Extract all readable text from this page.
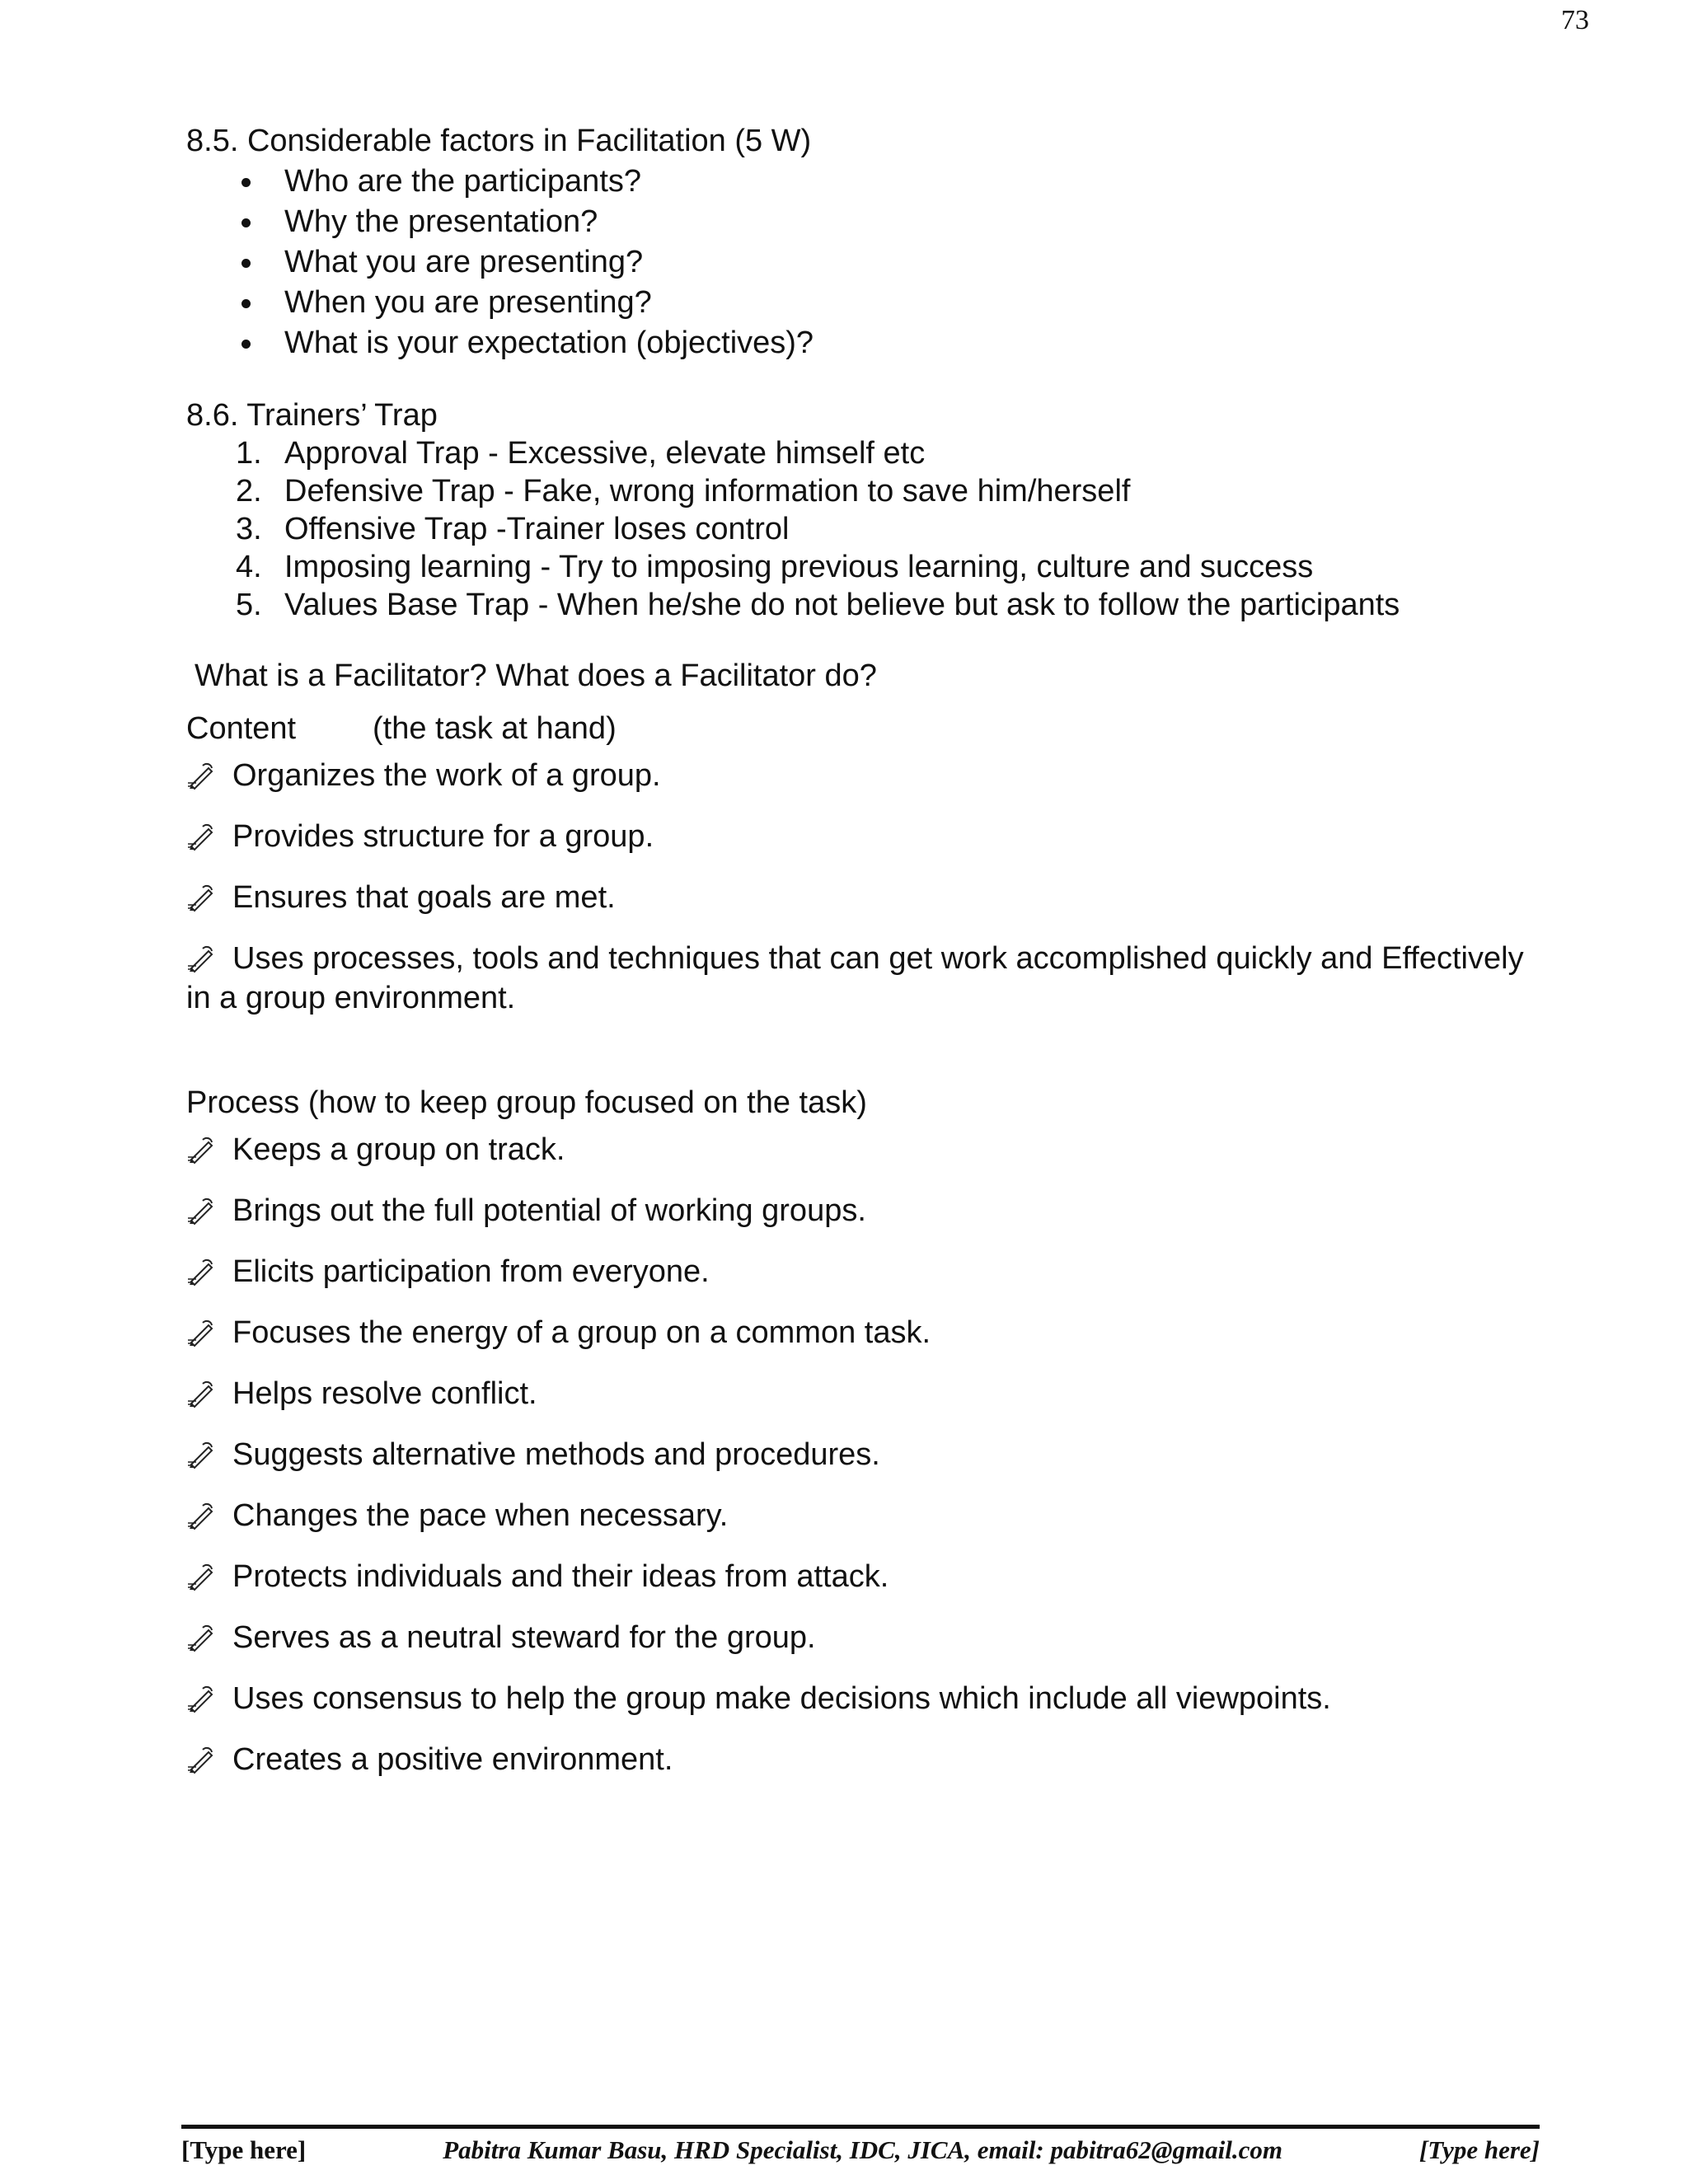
73
8.5. Considerable factors in Facilitation (5 W)
Who are the participants?
Why the presentation?
What you are presenting?
When you are presenting?
What is your expectation (objectives)?
8.6. Trainers’ Trap
1. Approval Trap - Excessive, elevate himself etc
2. Defensive Trap - Fake, wrong information to save him/herself
3. Offensive Trap -Trainer loses control
4. Imposing learning - Try to imposing previous learning, culture and success
5. Values Base Trap - When he/she do not believe but ask to follow the participants

What is a Facilitator? What does a Facilitator do?

Content (the task at hand)

Organizes the work of a group.
Provides structure for a group.
Ensures that goals are met.
Uses processes, tools and techniques that can get work accomplished quickly and Effectively in a group environment.

Process (how to keep group focused on the task)

Keeps a group on track.
Brings out the full potential of working groups.
Elicits participation from everyone.
Focuses the energy of a group on a common task.
Helps resolve conflict.
Suggests alternative methods and procedures.
Changes the pace when necessary.
Protects individuals and their ideas from attack.
Serves as a neutral steward for the group.
Uses consensus to help the group make decisions which include all viewpoints.
Creates a positive environment.
[Type here]	Pabitra Kumar Basu, HRD Specialist, IDC, JICA, email: pabitra62@gmail.com	[Type here]
